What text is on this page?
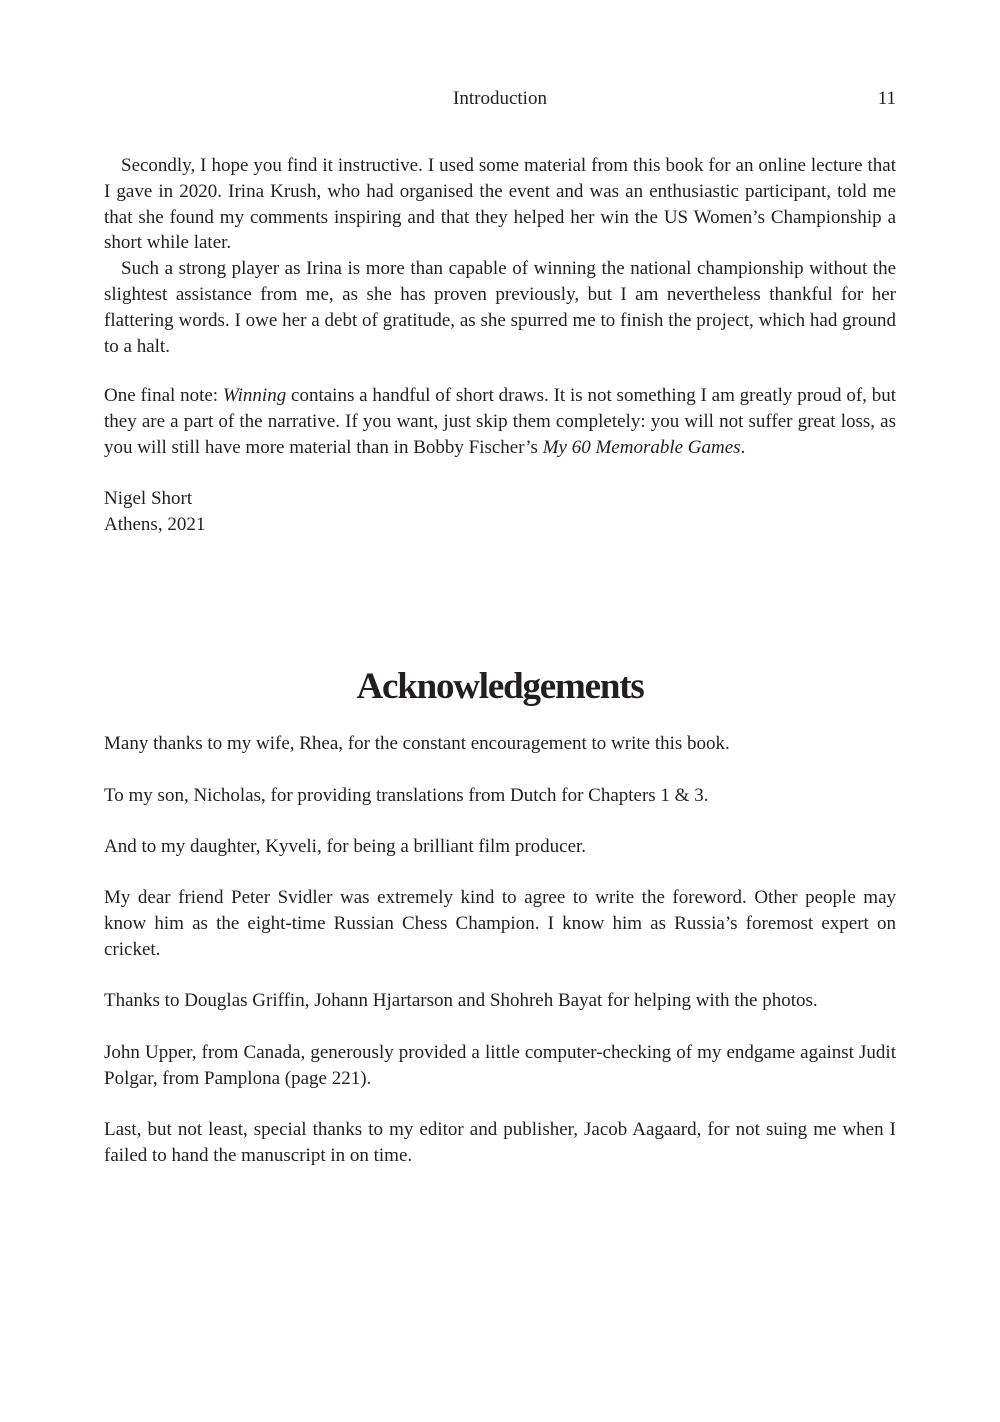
Introduction	11

Secondly, I hope you find it instructive. I used some material from this book for an online lecture that I gave in 2020. Irina Krush, who had organised the event and was an enthusiastic participant, told me that she found my comments inspiring and that they helped her win the US Women’s Championship a short while later.

Such a strong player as Irina is more than capable of winning the national championship without the slightest assistance from me, as she has proven previously, but I am nevertheless thankful for her flattering words. I owe her a debt of gratitude, as she spurred me to finish the project, which had ground to a halt.

One final note: Winning contains a handful of short draws. It is not something I am greatly proud of, but they are a part of the narrative. If you want, just skip them completely: you will not suffer great loss, as you will still have more material than in Bobby Fischer’s My 60 Memorable Games.

Nigel Short

Athens, 2021

Acknowledgements

Many thanks to my wife, Rhea, for the constant encouragement to write this book.

To my son, Nicholas, for providing translations from Dutch for Chapters 1 & 3.

And to my daughter, Kyveli, for being a brilliant film producer.

My dear friend Peter Svidler was extremely kind to agree to write the foreword. Other people may know him as the eight-time Russian Chess Champion. I know him as Russia’s foremost expert on cricket.

Thanks to Douglas Griffin, Johann Hjartarson and Shohreh Bayat for helping with the photos.

John Upper, from Canada, generously provided a little computer-checking of my endgame against Judit Polgar, from Pamplona (page 221).

Last, but not least, special thanks to my editor and publisher, Jacob Aagaard, for not suing me when I failed to hand the manuscript in on time.
